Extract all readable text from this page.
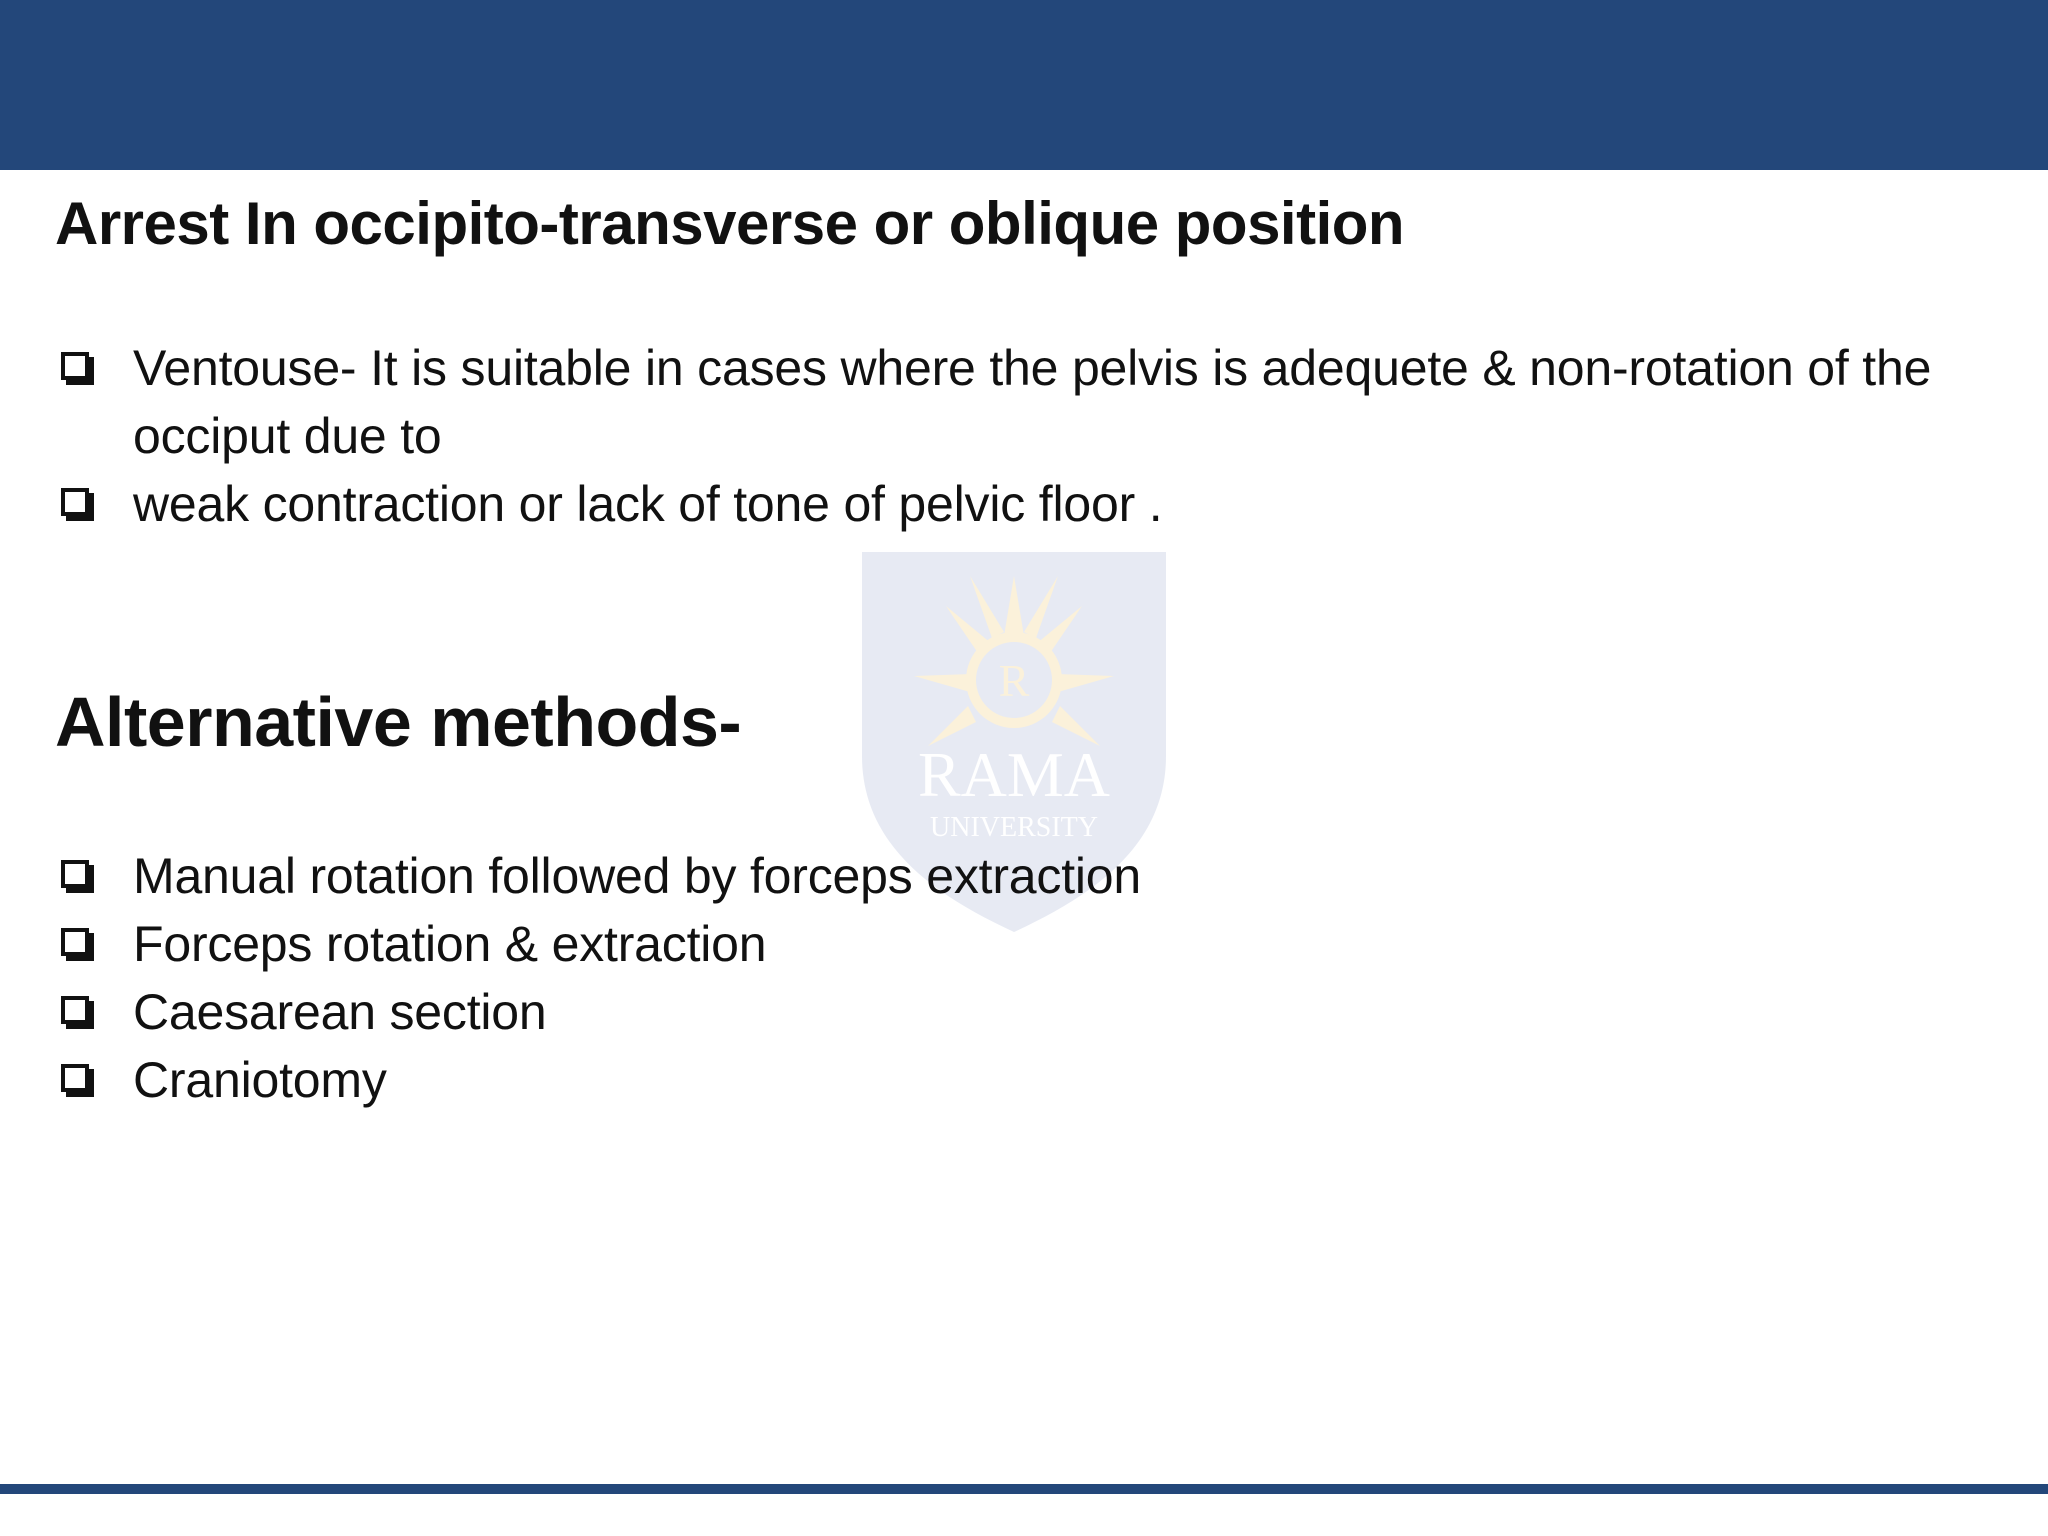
R
RAMA
UNIVERSITY
Arrest In occipito-transverse or oblique position
Ventouse- It is suitable in cases where the pelvis is adequete & non-rotation of the occiput due to
weak contraction or lack of tone of pelvic floor .
Alternative methods-
Manual rotation followed by forceps extraction
Forceps rotation & extraction
Caesarean section
Craniotomy
